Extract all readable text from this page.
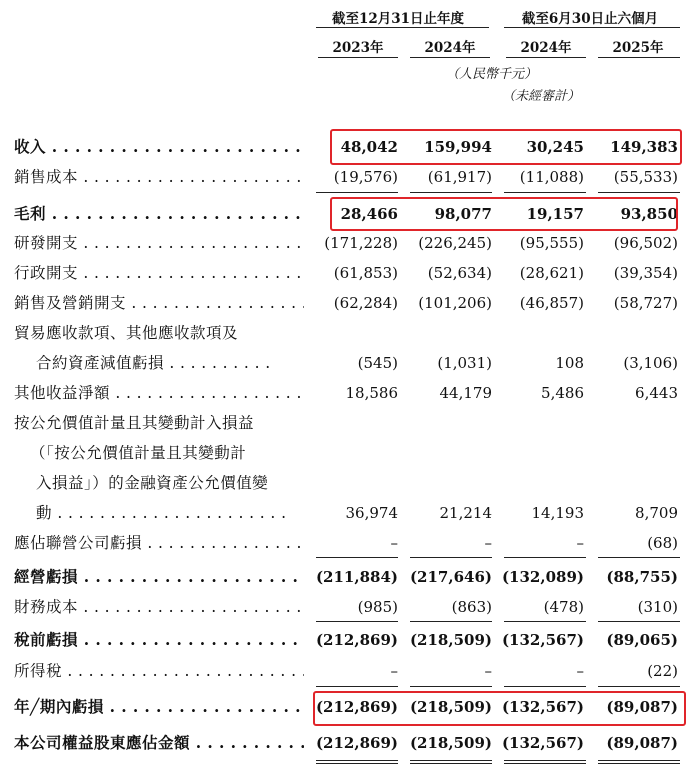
截至12月31日止年度	截至6月30日止六個月
2023年	2024年	2024年	2025年
（人民幣千元）
（未經審計）
收入 . . .	48,042 159,994 30,245 149,383
銷售成本 . . .	(19,576) (61,917) (11,088) (55,533)
毛利 . . .	28,466 98,077 19,157 93,850
研發開支 . . .	(171,228) (226,245) (95,555) (96,502)
行政開支 . . .	(61,853) (52,634) (28,621) (39,354)
銷售及營銷開支 . . .	(62,284) (101,206) (46,857) (58,727)
貿易應收款項、其他應收款項及
合約資產減值虧損 . . .	(545)	(1,031)	108	(3,106)
其他收益淨額 . . .	18,586	44,179	5,486	6,443
按公允價值計量且其變動計入損益
（「按公允價值計量且其變動計
入損益」）的金融資產公允價值變
動 . . .	36,974	21,214	14,193	8,709
應佔聯營公司虧損 . . .	–	–	–	(68)
經營虧損 . . .	(211,884) (217,646) (132,089) (88,755)
財務成本 . . .	(985)	(863)	(478)	(310)
稅前虧損 . . .	(212,869) (218,509) (132,567) (89,065)
所得稅 . . .	–	–	–	(22)
年╱期內虧損 . . .	(212,869) (218,509) (132,567) (89,087)
本公司權益股東應佔金額 . . .	(212,869) (218,509) (132,567) (89,087)
